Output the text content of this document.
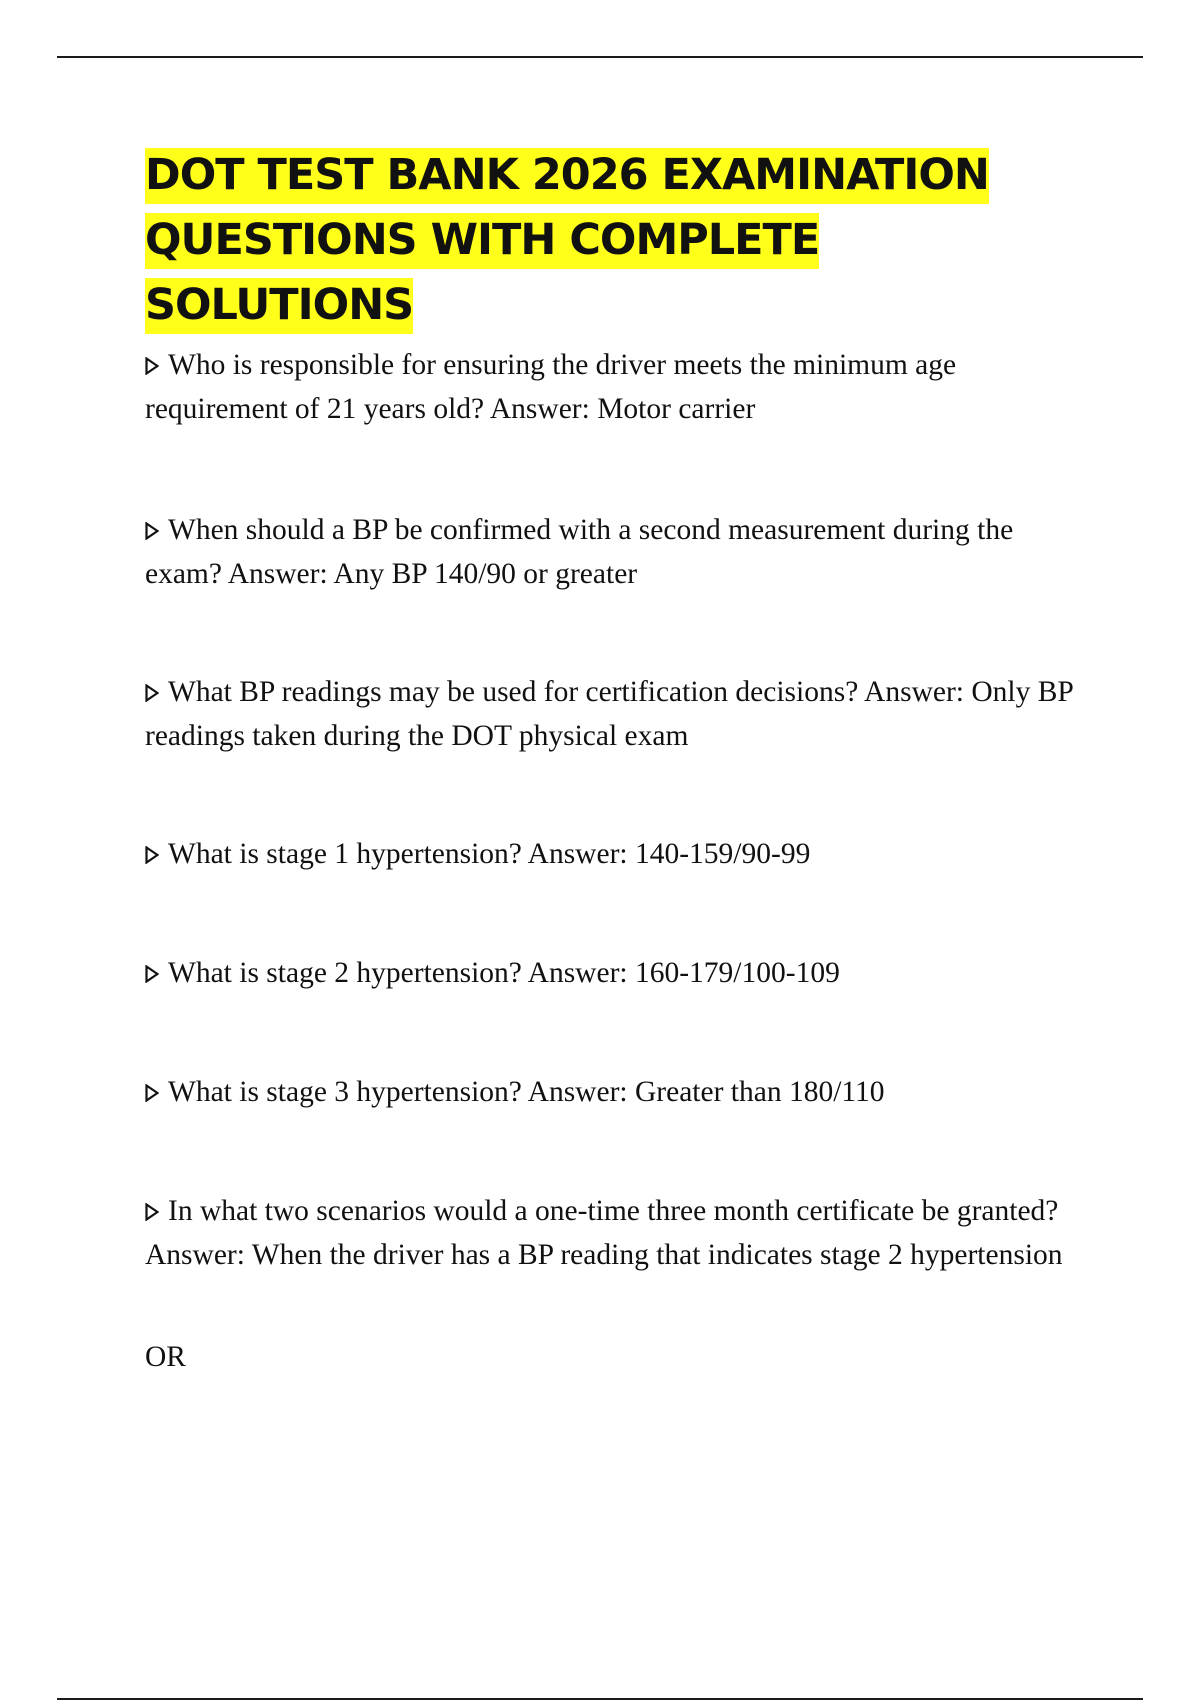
DOT TEST BANK 2026 EXAMINATION QUESTIONS WITH COMPLETE SOLUTIONS

Who is responsible for ensuring the driver meets the minimum age requirement of 21 years old? Answer: Motor carrier

When should a BP be confirmed with a second measurement during the exam? Answer: Any BP 140/90 or greater

What BP readings may be used for certification decisions? Answer: Only BP readings taken during the DOT physical exam

What is stage 1 hypertension? Answer: 140-159/90-99

What is stage 2 hypertension? Answer: 160-179/100-109

What is stage 3 hypertension? Answer: Greater than 180/110

In what two scenarios would a one-time three month certificate be granted? Answer: When the driver has a BP reading that indicates stage 2 hypertension

OR
